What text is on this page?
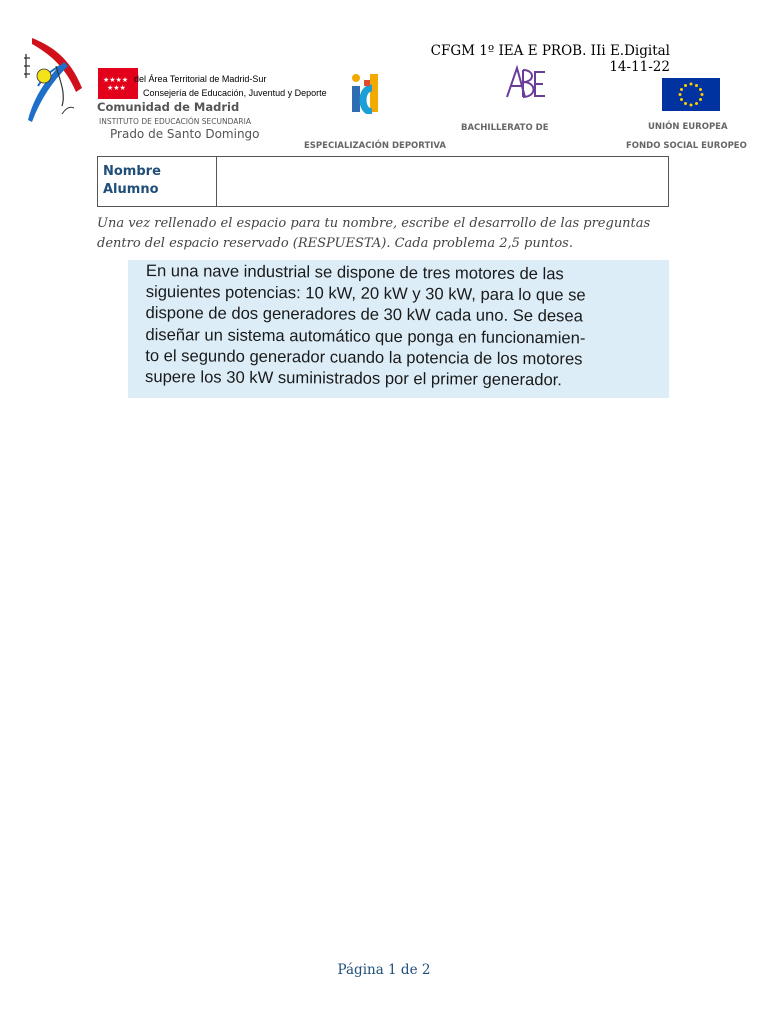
★★★★
★★★
del Área Territorial de Madrid-Sur
Consejería de Educación, Juventud y Deporte
Comunidad de Madrid
INSTITUTO DE EDUCACIÓN SECUNDARIA
Prado de Santo Domingo	BACHILLERATO DE
ESPECIALIZACIÓN DEPORTIVA
UNIÓN EUROPEA
FONDO SOCIAL EUROPEO
CFGM 1º IEA E PROB. IIi E.Digital
14-11-22
Nombre
Alumno
Una vez rellenado el espacio para tu nombre, escribe el desarrollo de las preguntas dentro del espacio reservado (RESPUESTA). Cada problema 2,5 puntos.

En una nave industrial se dispone de tres motores de las

siguientes potencias: 10 kW, 20 kW y 30 kW, para lo que se

dispone de dos generadores de 30 kW cada uno. Se desea

diseñar un sistema automático que ponga en funcionamien-

to el segundo generador cuando la potencia de los motores

supere los 30 kW suministrados por el primer generador.

Página 1 de 2
